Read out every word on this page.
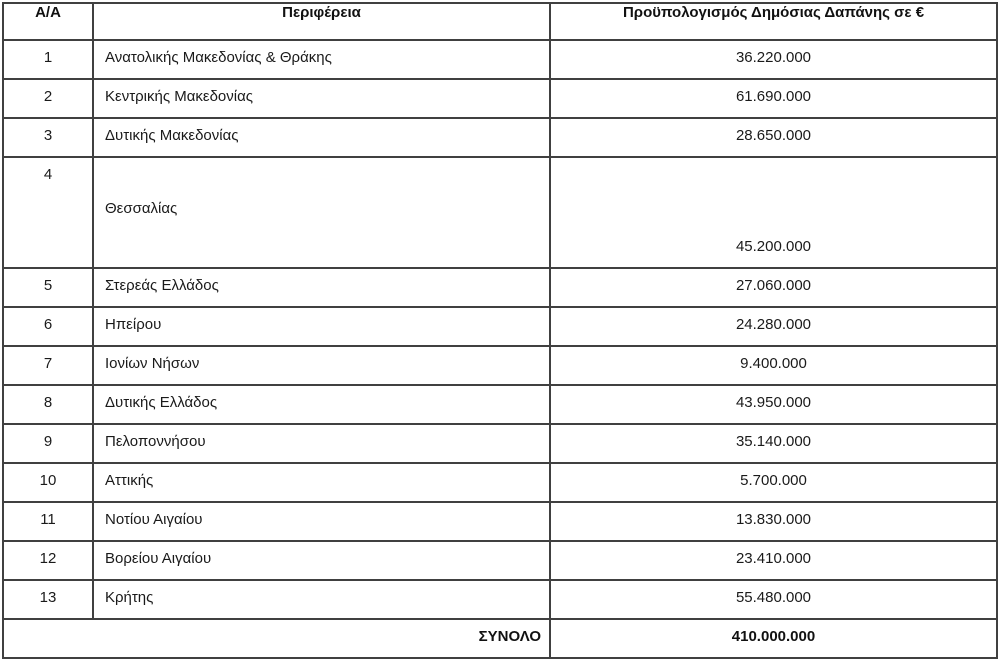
Α/Α	Περιφέρεια	Προϋπολογισμός Δημόσιας Δαπάνης σε €
1	Ανατολικής Μακεδονίας & Θράκης	36.220.000
2	Κεντρικής Μακεδονίας	61.690.000
3	Δυτικής Μακεδονίας	28.650.000
4	Θεσσαλίας	45.200.000
5	Στερεάς Ελλάδος	27.060.000
6	Ηπείρου	24.280.000
7	Ιονίων Νήσων	9.400.000
8	Δυτικής Ελλάδος	43.950.000
9	Πελοποννήσου	35.140.000
10	Αττικής	5.700.000
11	Νοτίου Αιγαίου	13.830.000
12	Βορείου Αιγαίου	23.410.000
13	Κρήτης	55.480.000
ΣΥΝΟΛΟ		410.000.000
